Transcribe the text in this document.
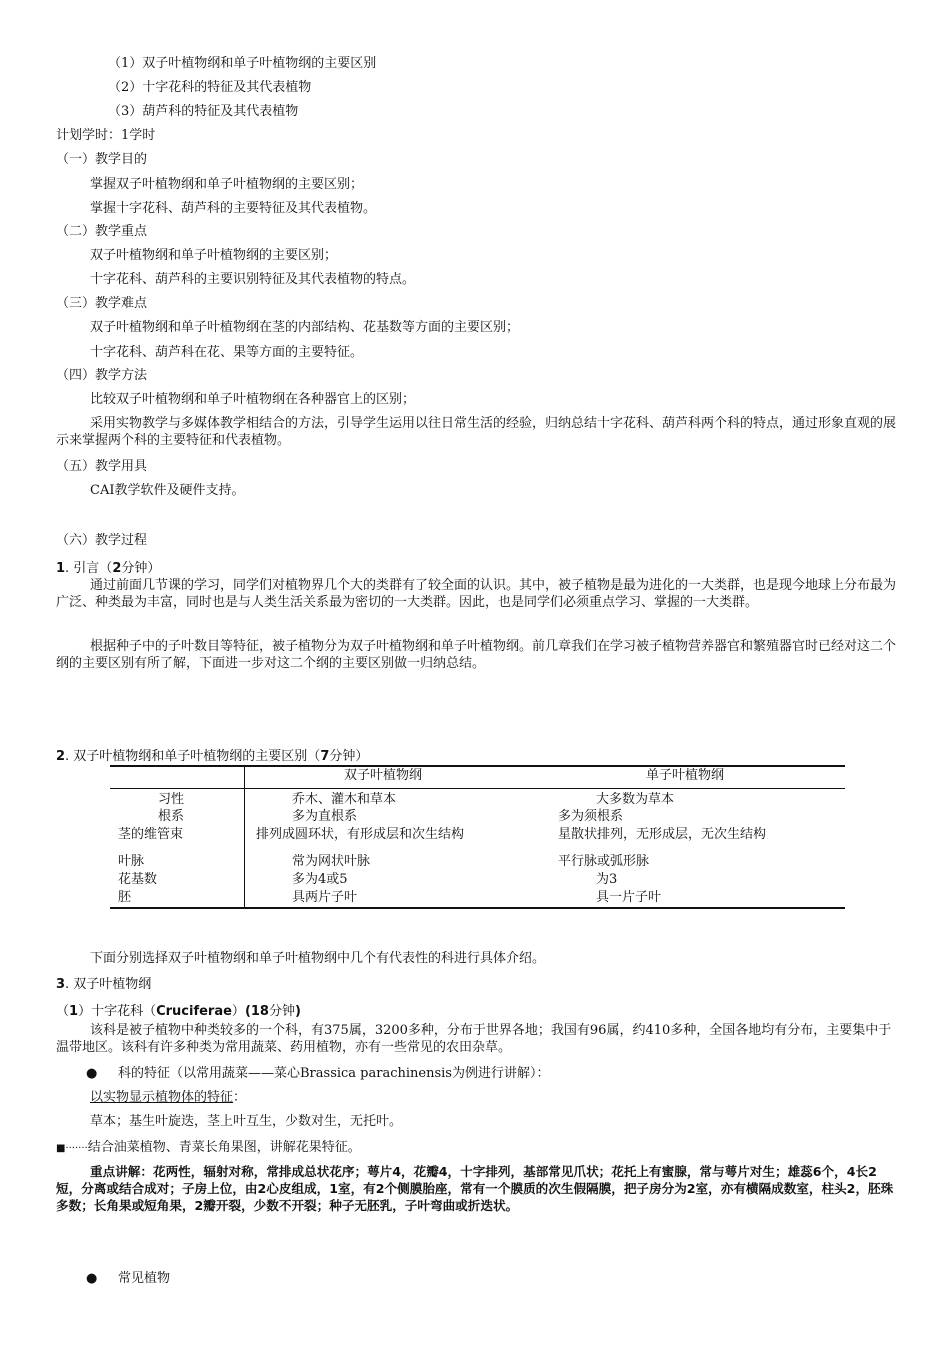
（1）双子叶植物纲和单子叶植物纲的主要区别
（2）十字花科的特征及其代表植物
（3）葫芦科的特征及其代表植物
计划学时：1学时
（一）教学目的
掌握双子叶植物纲和单子叶植物纲的主要区别；
掌握十字花科、葫芦科的主要特征及其代表植物。
（二）教学重点
双子叶植物纲和单子叶植物纲的主要区别；
十字花科、葫芦科的主要识别特征及其代表植物的特点。
（三）教学难点
双子叶植物纲和单子叶植物纲在茎的内部结构、花基数等方面的主要区别；
十字花科、葫芦科在花、果等方面的主要特征。
（四）教学方法
比较双子叶植物纲和单子叶植物纲在各种器官上的区别；
采用实物教学与多媒体教学相结合的方法，引导学生运用以往日常生活的经验，归纳总结十字花科、葫芦科两个科的特点，通过形象直观的展示来掌握两个科的主要特征和代表植物。
（五）教学用具
CAI教学软件及硬件支持。
（六）教学过程
1. 引言（2分钟）
通过前面几节课的学习，同学们对植物界几个大的类群有了较全面的认识。其中，被子植物是最为进化的一大类群，也是现今地球上分布最为广泛、种类最为丰富，同时也是与人类生活关系最为密切的一大类群。因此，也是同学们必须重点学习、掌握的一大类群。
根据种子中的子叶数目等特征，被子植物分为双子叶植物纲和单子叶植物纲。前几章我们在学习被子植物营养器官和繁殖器官时已经对这二个纲的主要区别有所了解，下面进一步对这二个纲的主要区别做一归纳总结。
2. 双子叶植物纲和单子叶植物纲的主要区别（7分钟）
双子叶植物纲	单子叶植物纲
习性	乔木、灌木和草本	大多数为草本
根系	多为直根系	多为须根系
茎的维管束	排列成圆环状，有形成层和次生结构	星散状排列，无形成层，无次生结构
叶脉	常为网状叶脉	平行脉或弧形脉
花基数	多为4或5	为3
胚	具两片子叶	具一片子叶
下面分别选择双子叶植物纲和单子叶植物纲中几个有代表性的科进行具体介绍。
3. 双子叶植物纲
（1）十字花科（Cruciferae）(18分钟)
该科是被子植物中种类较多的一个科，有375属，3200多种，分布于世界各地；我国有96属，约410多种，全国各地均有分布，主要集中于温带地区。该科有许多种类为常用蔬菜、药用植物，亦有一些常见的农田杂草。
● 科的特征（以常用蔬菜——菜心Brassica parachinensis为例进行讲解）：
以实物显示植物体的特征：
草本；基生叶旋迭，茎上叶互生，少数对生，无托叶。
■·······结合油菜植物、青菜长角果图，讲解花果特征。
重点讲解：花两性，辐射对称，常排成总状花序；萼片4，花瓣4，十字排列，基部常见爪状；花托上有蜜腺，常与萼片对生；雄蕊6个，4长2短，分离或结合成对；子房上位，由2心皮组成，1室，有2个侧膜胎座，常有一个膜质的次生假隔膜，把子房分为2室，亦有横隔成数室，柱头2，胚珠多数；长角果或短角果，2瓣开裂，少数不开裂；种子无胚乳，子叶弯曲或折迭状。
● 常见植物
